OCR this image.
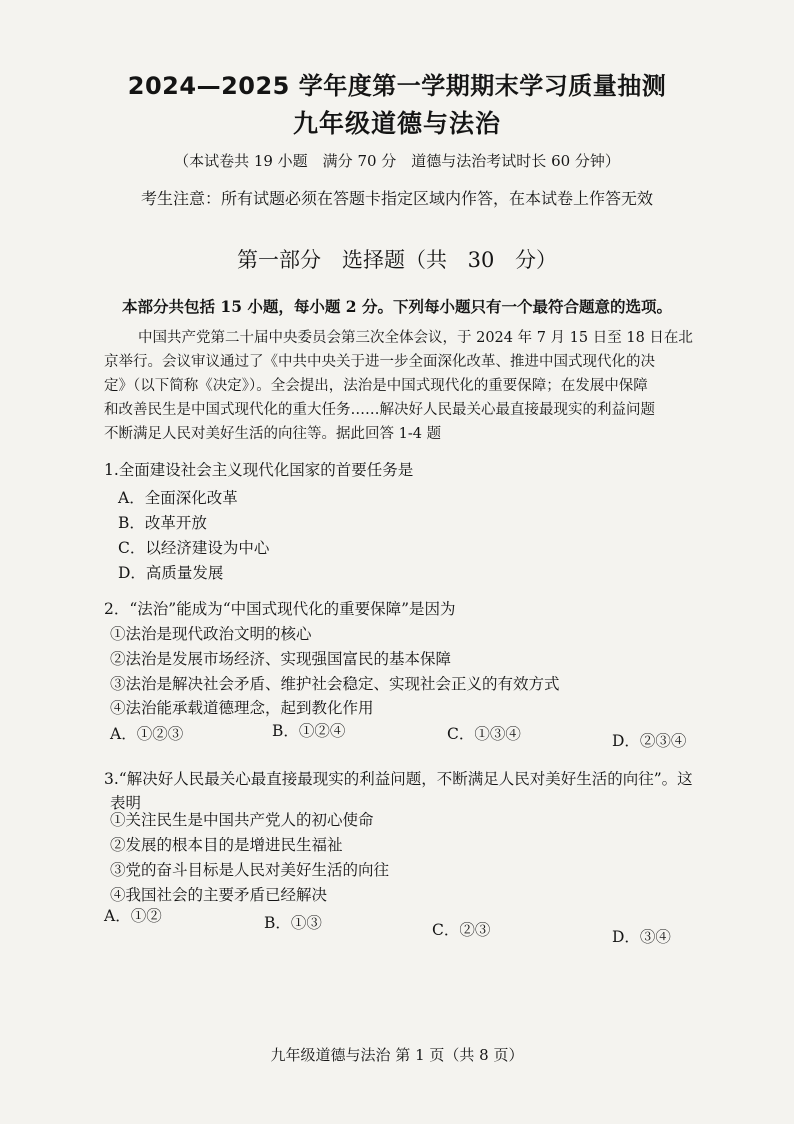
2024—2025 学年度第一学期期末学习质量抽测
九年级道德与法治
（本试卷共 19 小题　满分 70 分　道德与法治考试时长 60 分钟）
考生注意：所有试题必须在答题卡指定区域内作答，在本试卷上作答无效
第一部分　选择题（共 30 分）
本部分共包括 15 小题，每小题 2 分。下列每小题只有一个最符合题意的选项。
中国共产党第二十届中央委员会第三次全体会议，于 2024 年 7 月 15 日至 18 日在北
京举行。会议审议通过了《中共中央关于进一步全面深化改革、推进中国式现代化的决
定》（以下简称《决定》）。全会提出，法治是中国式现代化的重要保障；在发展中保障
和改善民生是中国式现代化的重大任务……解决好人民最关心最直接最现实的利益问题
不断满足人民对美好生活的向往等。据此回答 1-4 题
1.全面建设社会主义现代化国家的首要任务是
A．全面深化改革
B．改革开放
C．以经济建设为中心
D．高质量发展
2．“法治”能成为“中国式现代化的重要保障”是因为
①法治是现代政治文明的核心
②法治是发展市场经济、实现强国富民的基本保障
③法治是解决社会矛盾、维护社会稳定、实现社会正义的有效方式
④法治能承载道德理念，起到教化作用
A．①②③	B．①②④	C．①③④	D．②③④
3.“解决好人民最关心最直接最现实的利益问题，不断满足人民对美好生活的向往”。这
表明
①关注民生是中国共产党人的初心使命
②发展的根本目的是增进民生福祉
③党的奋斗目标是人民对美好生活的向往
④我国社会的主要矛盾已经解决
A．①②	B．①③	C．②③	D．③④
九年级道德与法治 第 1 页（共 8 页）
